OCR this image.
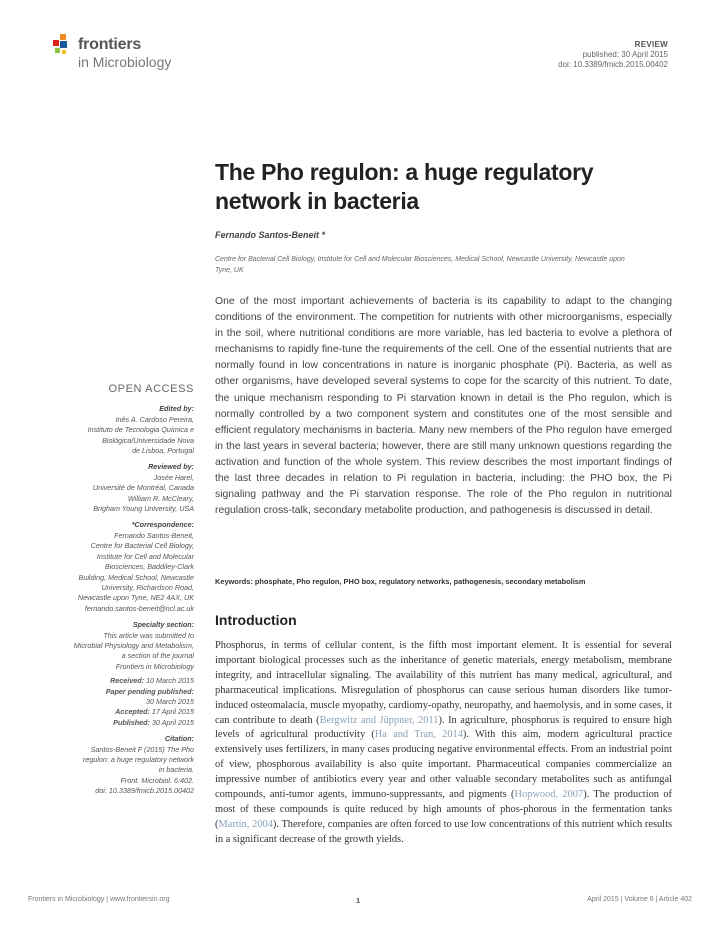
frontiers
in Microbiology
REVIEW
published: 30 April 2015
doi: 10.3389/fmicb.2015.00402
The Pho regulon: a huge regulatory
network in bacteria
Fernando Santos-Beneit *
Centre for Bacterial Cell Biology, Institute for Cell and Molecular Biosciences, Medical School, Newcastle University, Newcastle upon Tyne, UK
One of the most important achievements of bacteria is its capability to adapt to the changing conditions of the environment. The competition for nutrients with other microorganisms, especially in the soil, where nutritional conditions are more variable, has led bacteria to evolve a plethora of mechanisms to rapidly fine-tune the requirements of the cell. One of the essential nutrients that are normally found in low concentrations in nature is inorganic phosphate (Pi). Bacteria, as well as other organisms, have developed several systems to cope for the scarcity of this nutrient. To date, the unique mechanism responding to Pi starvation known in detail is the Pho regulon, which is normally controlled by a two component system and constitutes one of the most sensible and efficient regulatory mechanisms in bacteria. Many new members of the Pho regulon have emerged in the last years in several bacteria; however, there are still many unknown questions regarding the activation and function of the whole system. This review describes the most important findings of the last three decades in relation to Pi regulation in bacteria, including: the PHO box, the Pi signaling pathway and the Pi starvation response. The role of the Pho regulon in nutritional regulation cross-talk, secondary metabolite production, and pathogenesis is discussed in detail.
Keywords: phosphate, Pho regulon, PHO box, regulatory networks, pathogenesis, secondary metabolism
Introduction
Phosphorus, in terms of cellular content, is the fifth most important element. It is essential for several important biological processes such as the inheritance of genetic materials, energy metabolism, membrane integrity, and intracellular signaling. The availability of this nutrient has many medical, agricultural, and pharmaceutical implications. Misregulation of phosphorus can cause serious human disorders like tumor-induced osteomalacia, muscle myopathy, cardiomy-opathy, neuropathy, and haemolysis, and in some cases, it can contribute to death (Bergwitz and Jüppner, 2011). In agriculture, phosphorus is required to ensure high levels of agricultural productivity (Ha and Tran, 2014). With this aim, modern agricultural practice extensively uses fertilizers, in many cases producing negative environmental effects. From an industrial point of view, phosphorous availability is also quite important. Pharmaceutical companies commercialize an impressive number of antibiotics every year and other valuable secondary metabolites such as antifungal compounds, anti-tumor agents, immuno-suppressants, and pigments (Hopwood, 2007). The production of most of these compounds is quite reduced by high amounts of phos-phorous in the fermentation tanks (Martín, 2004). Therefore, companies are often forced to use low concentrations of this nutrient which results in a significant decrease of the growth yields.
OPEN ACCESS
Edited by:
Inês A. Cardoso Pereira,
Instituto de Tecnologia Química e
Biológica/Universidade Nova
de Lisboa, Portugal
Reviewed by:
Josée Harel,
Université de Montréal, Canada
William R. McCleary,
Brigham Young University, USA
*Correspondence:
Fernando Santos-Beneit,
Centre for Bacterial Cell Biology,
Institute for Cell and Molecular
Biosciences, Baddiley-Clark
Building, Medical School, Newcastle
University, Richardson Road,
Newcastle upon Tyne, NE2 4AX, UK
fernando.santos-beneit@ncl.ac.uk
Specialty section:
This article was submitted to
Microbial Physiology and Metabolism,
a section of the journal
Frontiers in Microbiology
Received: 10 March 2015
Paper pending published:
30 March 2015
Accepted: 17 April 2015
Published: 30 April 2015
Citation:
Santos-Beneit F (2015) The Pho
regulon: a huge regulatory network
in bacteria.
Front. Microbiol. 6:402.
doi: 10.3389/fmicb.2015.00402
Frontiers in Microbiology | www.frontiersin.org	1	April 2015 | Volume 6 | Article 402
